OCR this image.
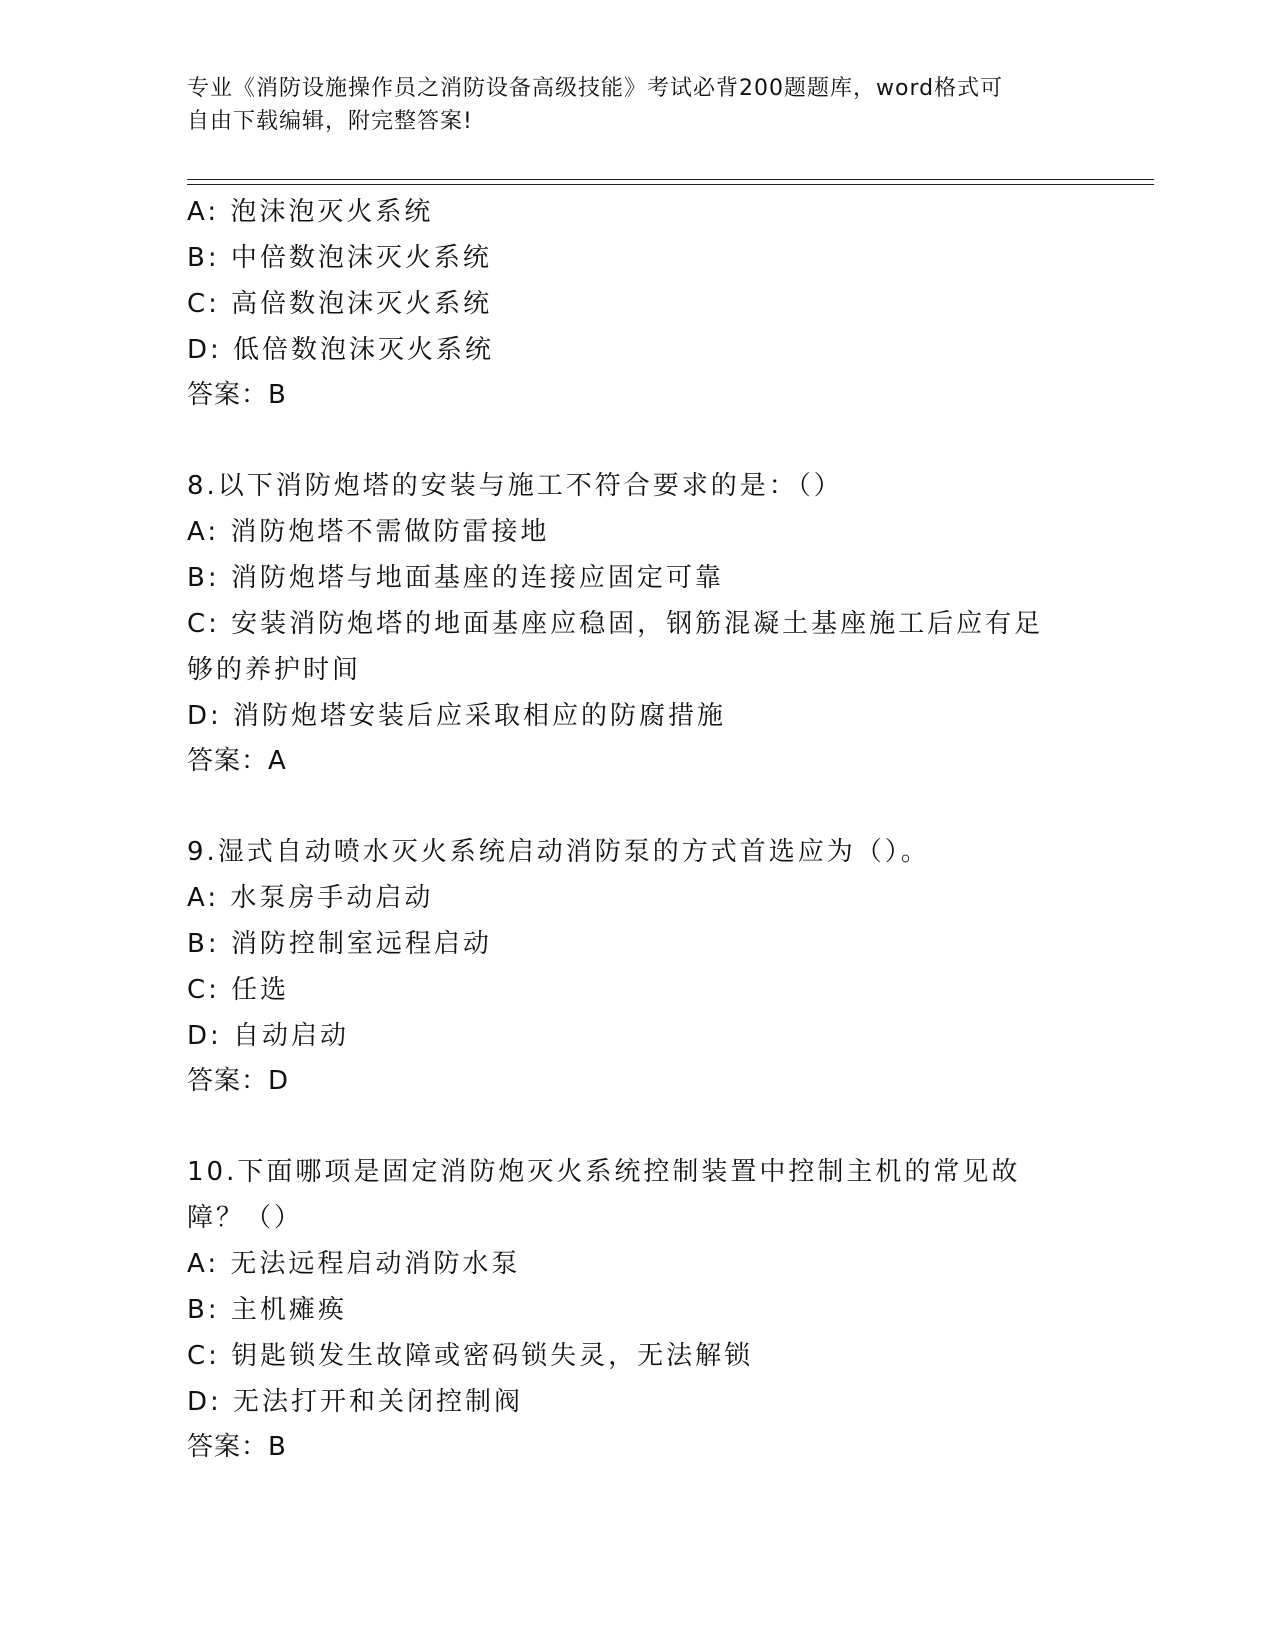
专业《消防设施操作员之消防设备高级技能》考试必背200题题库，word格式可
自由下载编辑，附完整答案!
A: 泡沫泡灭火系统
B: 中倍数泡沫灭火系统
C: 高倍数泡沫灭火系统
D: 低倍数泡沫灭火系统
答案：B
8.以下消防炮塔的安装与施工不符合要求的是：（）
A: 消防炮塔不需做防雷接地
B: 消防炮塔与地面基座的连接应固定可靠
C: 安装消防炮塔的地面基座应稳固，钢筋混凝土基座施工后应有足够的养护时间
D: 消防炮塔安装后应采取相应的防腐措施
答案：A
9.湿式自动喷水灭火系统启动消防泵的方式首选应为（）。
A: 水泵房手动启动
B: 消防控制室远程启动
C: 任选
D: 自动启动
答案：D
10.下面哪项是固定消防炮灭火系统控制装置中控制主机的常见故障？（）
A: 无法远程启动消防水泵
B: 主机瘫痪
C: 钥匙锁发生故障或密码锁失灵，无法解锁
D: 无法打开和关闭控制阀
答案：B
